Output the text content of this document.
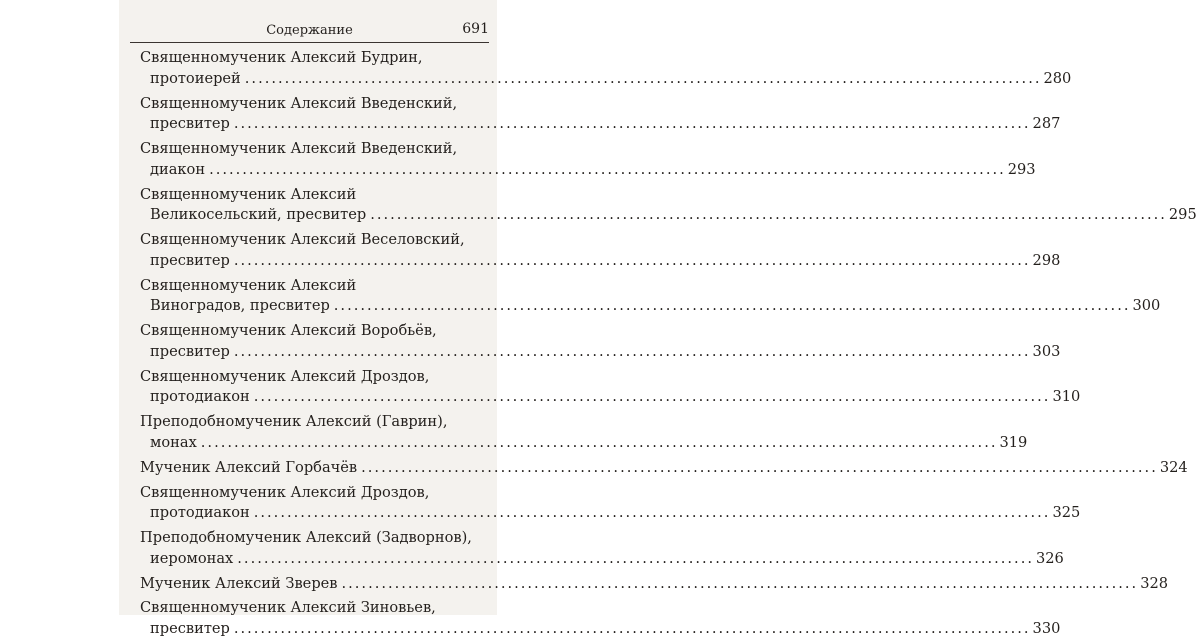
Содержание	691
Священномученик Алексий Будрин,
протоиерей ........................................................................................................................ 280
Священномученик Алексий Введенский,
пресвитер ........................................................................................................................ 287
Священномученик Алексий Введенский,
диакон ........................................................................................................................ 293
Священномученик Алексий
Великосельский, пресвитер ........................................................................................................................ 295
Священномученик Алексий Веселовский,
пресвитер ........................................................................................................................ 298
Священномученик Алексий
Виноградов, пресвитер ........................................................................................................................ 300
Священномученик Алексий Воробьёв,
пресвитер ........................................................................................................................ 303
Священномученик Алексий Дроздов,
протодиакон ........................................................................................................................ 310
Преподобномученик Алексий (Гаврин),
монах ........................................................................................................................ 319
Мученик Алексий Горбачёв ........................................................................................................................ 324
Священномученик Алексий Дроздов,
протодиакон ........................................................................................................................ 325
Преподобномученик Алексий (Задворнов),
иеромонах ........................................................................................................................ 326
Мученик Алексий Зверев ........................................................................................................................ 328
Священномученик Алексий Зиновьев,
пресвитер ........................................................................................................................ 330
